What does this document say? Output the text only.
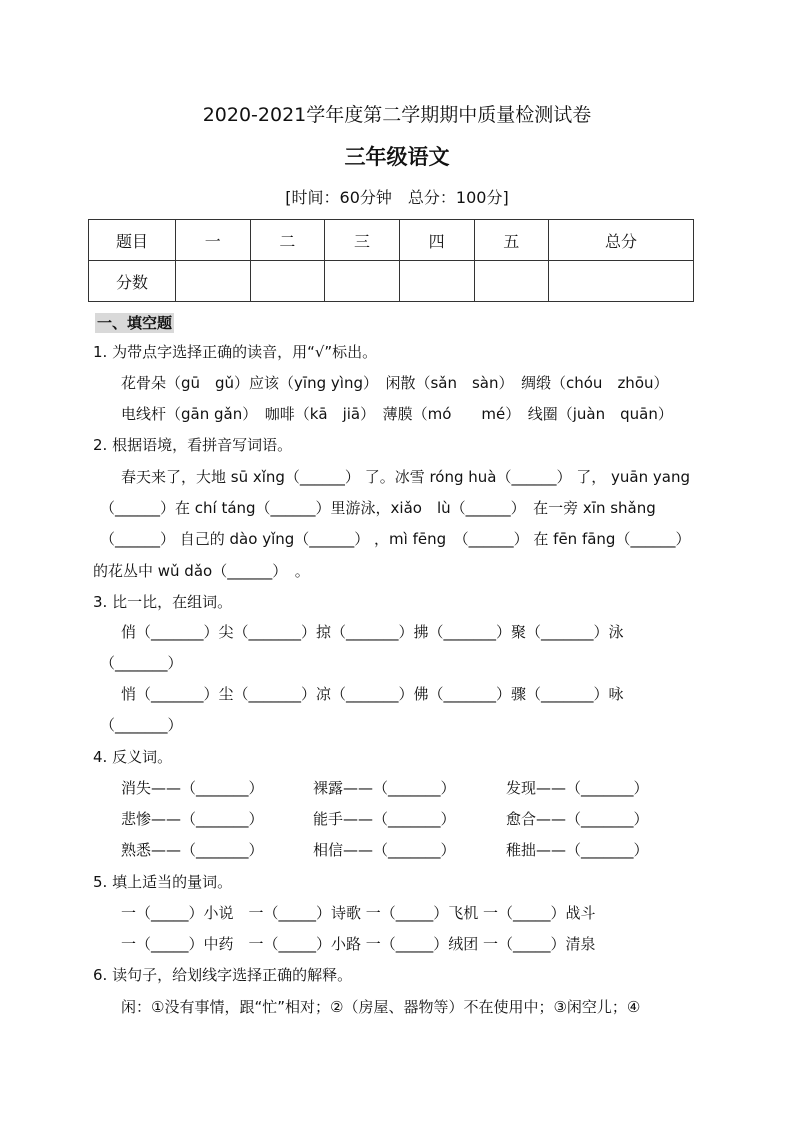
2020-2021学年度第二学期期中质量检测试卷
三年级语文
[时间：60分钟　总分：100分]
题目	一	二	三	四	五	总分
分数						
一、填空题
1. 为带点字选择正确的读音，用“√”标出。
花骨朵（gū　gǔ）应该（yīng yìng）　闲散（sǎn　sàn）　绸缎（chóu　zhōu）
电线杆（gān gǎn）　咖啡（kā　jiā）　薄膜（mó　　mé）　线圈（juàn　quān）
2. 根据语境，看拼音写词语。
春天来了，大地 sū xǐng（______） 了。冰雪 róng huà（______） 了， yuān yang
（______）在 chí táng（______）里游泳，xiǎo　lù（______）　在一旁 xīn shǎng
（______） 自己的 dào yǐng（______） ，mì fēng　（______） 在 fēn fāng（______）
的花丛中 wǔ dǎo（______）　。
3. 比一比，在组词。
俏（_______）尖（_______）掠（_______）拂（_______）聚（_______）泳
（_______）
悄（_______）尘（_______）凉（_______）佛（_______）骤（_______）咏
（_______）
4. 反义词。
消失——（_______）	裸露——（_______）	发现——（_______）
悲惨——（_______）	能手——（_______）	愈合——（_______）
熟悉——（_______）	相信——（_______）	稚拙——（_______）
5. 填上适当的量词。
一（_____）小说　一（_____）诗歌 一（_____）飞机 一（_____）战斗
一（_____）中药　一（_____）小路 一（_____）绒团 一（_____）清泉
6. 读句子，给划线字选择正确的解释。
闲：①没有事情，跟“忙”相对；②（房屋、器物等）不在使用中；③闲空儿；④
